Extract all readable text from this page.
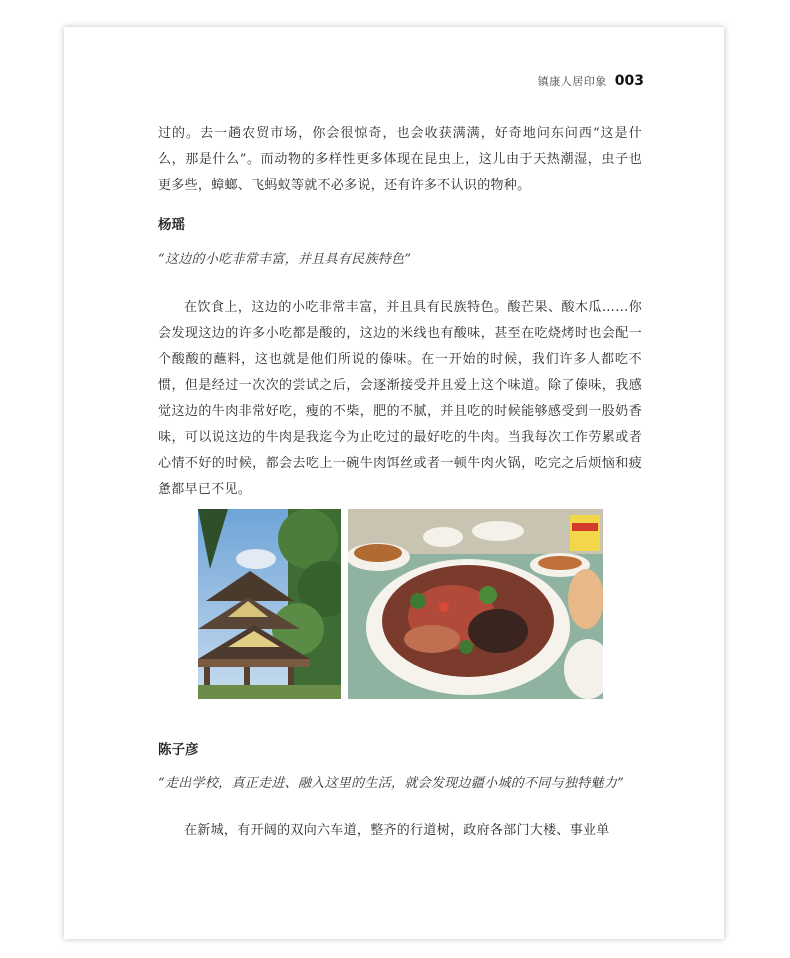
镇康人居印象 003

过的。去一趟农贸市场，你会很惊奇，也会收获满满，好奇地问东问西“这是什么，那是什么”。而动物的多样性更多体现在昆虫上，这儿由于天热潮湿，虫子也更多些，蟑螂、飞蚂蚁等就不必多说，还有许多不认识的物种。

杨瑶

“这边的小吃非常丰富，并且具有民族特色”

在饮食上，这边的小吃非常丰富，并且具有民族特色。酸芒果、酸木瓜……你会发现这边的许多小吃都是酸的，这边的米线也有酸味，甚至在吃烧烤时也会配一个酸酸的蘸料，这也就是他们所说的傣味。在一开始的时候，我们许多人都吃不惯，但是经过一次次的尝试之后，会逐渐接受并且爱上这个味道。除了傣味，我感觉这边的牛肉非常好吃，瘦的不柴，肥的不腻，并且吃的时候能够感受到一股奶香味，可以说这边的牛肉是我迄今为止吃过的最好吃的牛肉。当我每次工作劳累或者心情不好的时候，都会去吃上一碗牛肉饵丝或者一顿牛肉火锅，吃完之后烦恼和疲惫都早已不见。

陈子彦

“走出学校，真正走进、融入这里的生活，就会发现边疆小城的不同与独特魅力”

在新城，有开阔的双向六车道，整齐的行道树，政府各部门大楼、事业单
